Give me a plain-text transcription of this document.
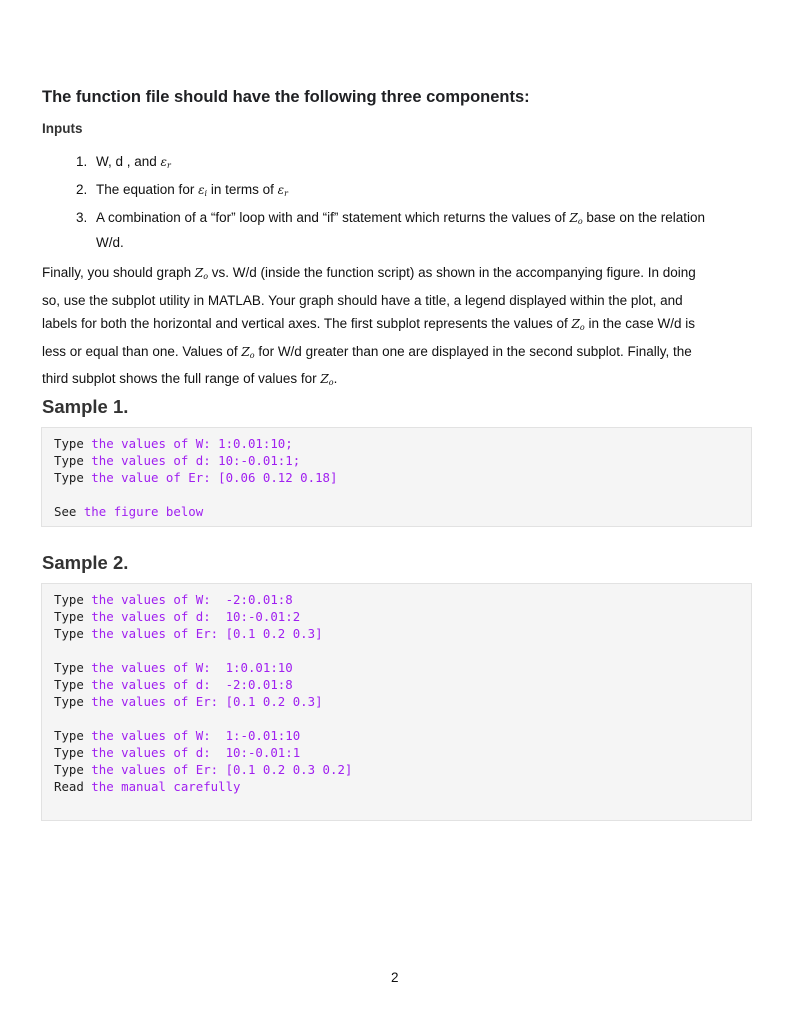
The function file should have the following three components:
Inputs
1. W, d , and $\varepsilon_r$
2. The equation for $\varepsilon_i$ in terms of $\varepsilon_r$
3. A combination of a “for” loop with and “if” statement which returns the values of $Z_o$ base on the relation W/d.
Finally, you should graph $Z_o$ vs. W/d (inside the function script) as shown in the accompanying figure. In doing so, use the subplot utility in MATLAB. Your graph should have a title, a legend displayed within the plot, and labels for both the horizontal and vertical axes. The first subplot represents the values of $Z_o$ in the case W/d is less or equal than one. Values of $Z_o$ for W/d greater than one are displayed in the second subplot. Finally, the third subplot shows the full range of values for $Z_o$.
Sample 1.
Type the values of W: 1:0.01:10;
Type the values of d: 10:-0.01:1;
Type the value of Er: [0.06 0.12 0.18]
See the figure below
Sample 2.
Type the values of W:  -2:0.01:8
Type the values of d:  10:-0.01:2
Type the values of Er: [0.1 0.2 0.3]
Type the values of W:  1:0.01:10
Type the values of d:  -2:0.01:8
Type the values of Er: [0.1 0.2 0.3]
Type the values of W:  1:-0.01:10
Type the values of d:  10:-0.01:1
Type the values of Er: [0.1 0.2 0.3 0.2]
Read the manual carefully
2
